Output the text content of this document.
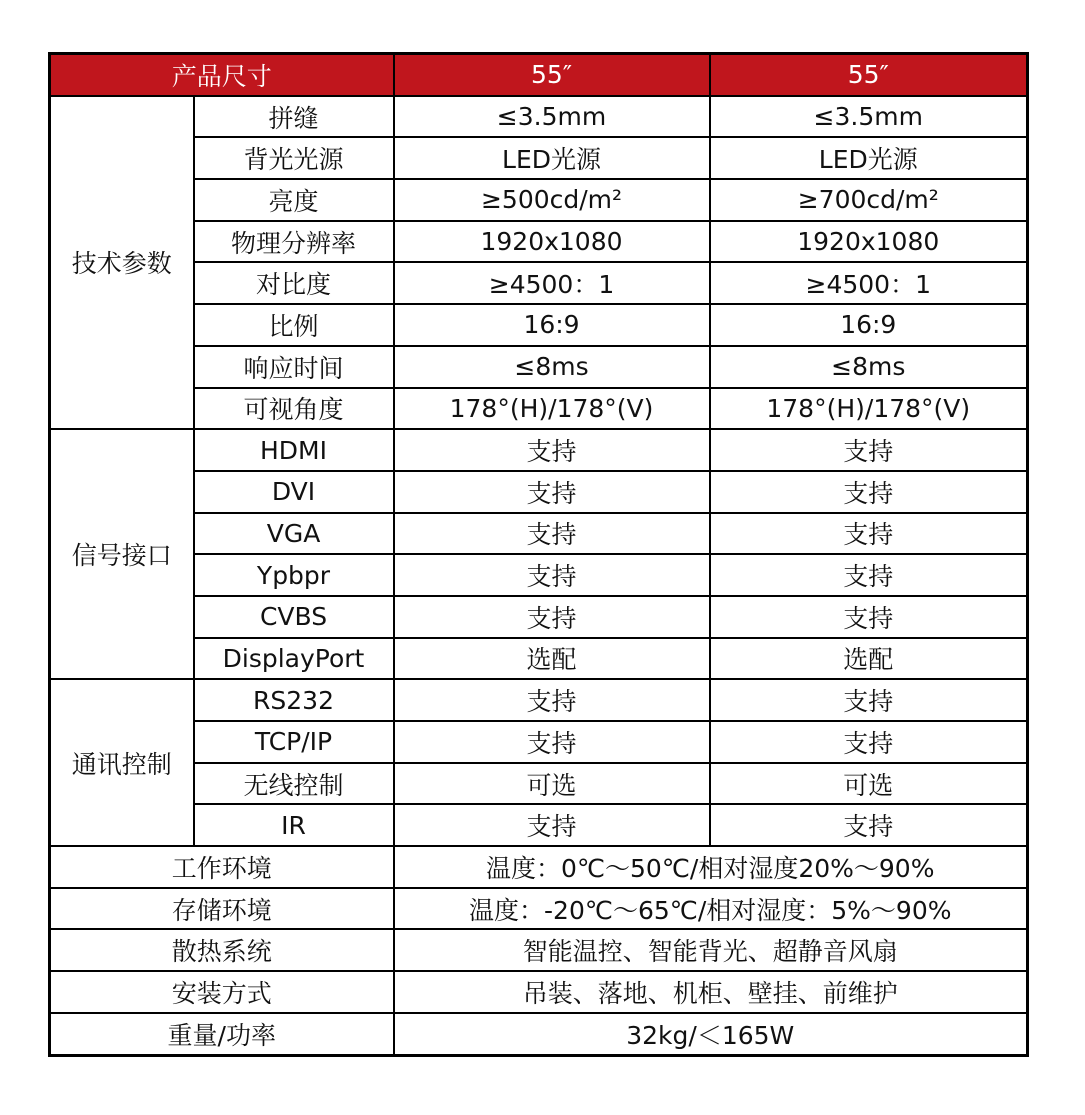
产品尺寸		55″	55″
技术参数	拼缝	≤3.5mm	≤3.5mm
	背光光源	LED光源	LED光源
	亮度	≥500cd/m²	≥700cd/m²
	物理分辨率	1920x1080	1920x1080
	对比度	≥4500：1	≥4500：1
	比例	16:9	16:9
	响应时间	≤8ms	≤8ms
	可视角度	178°(H)/178°(V)	178°(H)/178°(V)
信号接口	HDMI	支持	支持
	DVI	支持	支持
	VGA	支持	支持
	Ypbpr	支持	支持
	CVBS	支持	支持
	DisplayPort	选配	选配
通讯控制	RS232	支持	支持
	TCP/IP	支持	支持
	无线控制	可选	可选
	IR	支持	支持
工作环境		温度：0℃～50℃/相对湿度20%～90%	
存储环境		温度：-20℃～65℃/相对湿度：5%～90%	
散热系统		智能温控、智能背光、超静音风扇	
安装方式		吊装、落地、机柜、壁挂、前维护	
重量/功率		32kg/＜165W	
